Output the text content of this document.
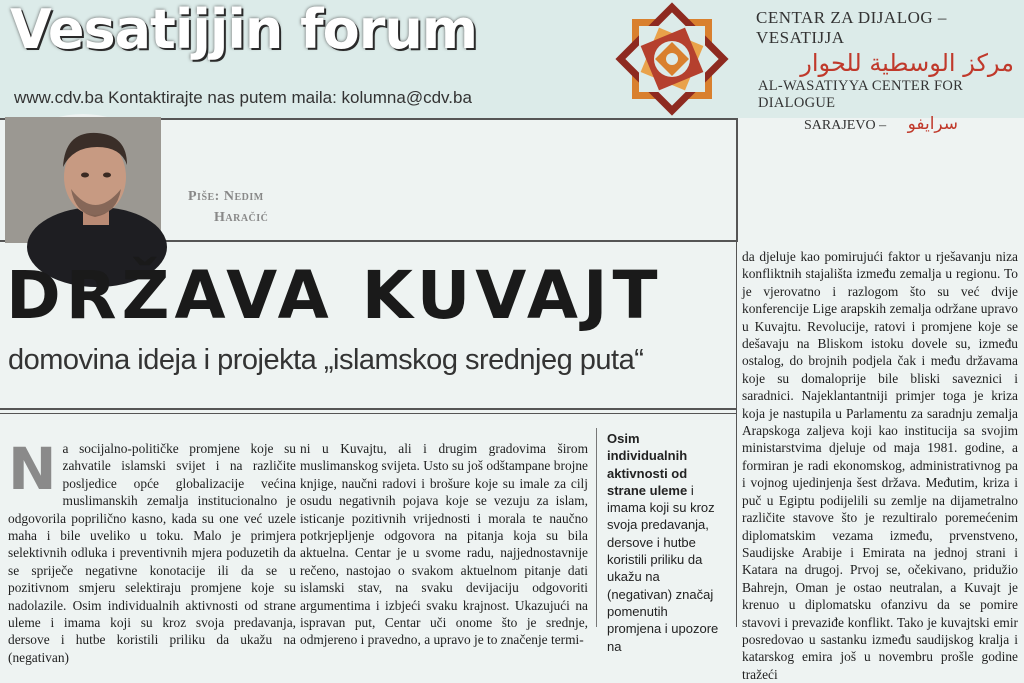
Vesatijjin forum
www.cdv.ba Kontaktirajte nas putem maila: kolumna@cdv.ba
CENTAR ZA DIJALOG – VESATIJJA
مركز الوسطية للحوار
AL-WASATIYYA CENTER FOR DIALOGUE
SARAJEVO – سرايفو
Piše: Nedim
Haračić
DRŽAVA KUVAJT
domovina ideja i projekta „islamskog srednjeg puta“
Na socijalno-političke promjene koje su zahvatile islamski svijet i na različite posljedice opće globalizacije većina muslimanskih zemalja institucionalno je odgovorila poprilično kasno, kada su one već uzele maha i bile uveliko u toku. Malo je primjera selektivnih odluka i preventivnih mjera poduzetih da se spriječe negativne konotacije ili da se u pozitivnom smjeru selektiraju promjene koje su nadolazile. Osim individualnih aktivnosti od strane uleme i imama koji su kroz svoja predavanja, dersove i hutbe koristili priliku da ukažu na (negativan)
ni u Kuvajtu, ali i drugim gradovima širom muslimanskog svijeta. Usto su još odštampane brojne knjige, naučni radovi i brošure koje su imale za cilj osudu negativnih pojava koje se vezuju za islam, isticanje pozitivnih vrijednosti i morala te naučno potkrjepljenje odgovora na pitanja koja su bila aktuelna. Centar je u svome radu, najjednostavnije rečeno, nastojao o svakom aktuelnom pitanje dati islamski stav, na svaku devijaciju odgovoriti argumentima i izbjeći svaku krajnost. Ukazujući na ispravan put, Centar uči onome što je srednje, odmjereno i pravedno, a upravo je to značenje termi-
Osim individualnih aktivnosti od strane uleme i imama koji su kroz svoja predavanja, dersove i hutbe koristili priliku da ukažu na (negativan) značaj pomenutih promjena i upozore na
da djeluje kao pomirujući faktor u rješavanju niza konfliktnih stajališta između zemalja u regionu. To je vjerovatno i razlogom što su već dvije konferencije Lige arapskih zemalja održane upravo u Kuvajtu. Revolucije, ratovi i promjene koje se dešavaju na Bliskom istoku dovele su, između ostalog, do brojnih podjela čak i među državama koje su domaloprije bile bliski saveznici i saradnici. Najeklantantniji primjer toga je kriza koja je nastupila u Parlamentu za saradnju zemalja Arapskoga zaljeva koji kao institucija sa svojim ministarstvima djeluje od maja 1981. godine, a formiran je radi ekonomskog, administrativnog pa i vojnog ujedinjenja šest država. Međutim, kriza i puč u Egiptu podijelili su zemlje na dijametralno različite stavove što je rezultiralo poremećenim diplomatskim vezama između, prvenstveno, Saudijske Arabije i Emirata na jednoj strani i Katara na drugoj. Prvoj se, očekivano, pridužio Bahrejn, Oman je ostao neutralan, a Kuvajt je krenuo u diplomatsku ofanzivu da se pomire stavovi i prevaziđe konflikt. Tako je kuvajtski emir posredovao u sastanku između saudijskog kralja i katarskog emira još u novembru prošle godine tražeći
